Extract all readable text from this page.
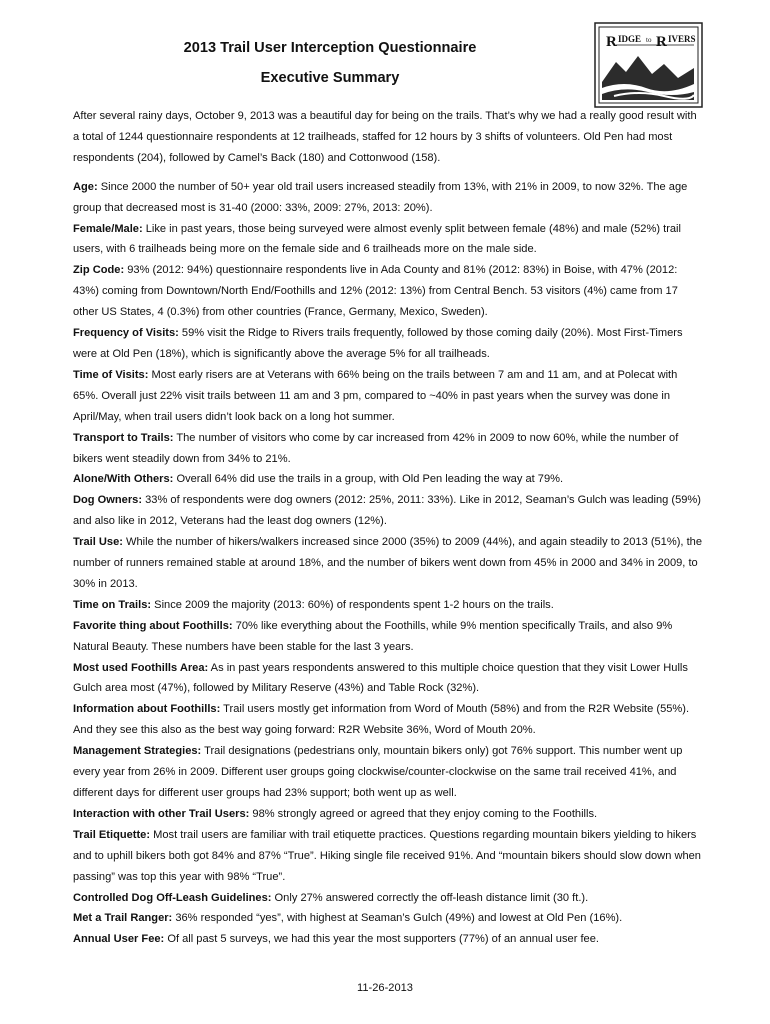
R IDGE to R IVERS

2013 Trail User Interception Questionnaire

Executive Summary

After several rainy days, October 9, 2013 was a beautiful day for being on the trails. That’s why we had a really good result with a total of 1244 questionnaire respondents at 12 trailheads, staffed for 12 hours by 3 shifts of volunteers. Old Pen had most respondents (204), followed by Camel’s Back (180) and Cottonwood (158).

Age: Since 2000 the number of 50+ year old trail users increased steadily from 13%, with 21% in 2009, to now 32%. The age group that decreased most is 31-40 (2000: 33%, 2009: 27%, 2013: 20%).

Female/Male: Like in past years, those being surveyed were almost evenly split between female (48%) and male (52%) trail users, with 6 trailheads being more on the female side and 6 trailheads more on the male side.

Zip Code: 93% (2012: 94%) questionnaire respondents live in Ada County and 81% (2012: 83%) in Boise, with 47% (2012: 43%) coming from Downtown/North End/Foothills and 12% (2012: 13%) from Central Bench. 53 visitors (4%) came from 17 other US States, 4 (0.3%) from other countries (France, Germany, Mexico, Sweden).

Frequency of Visits: 59% visit the Ridge to Rivers trails frequently, followed by those coming daily (20%). Most First-Timers were at Old Pen (18%), which is significantly above the average 5% for all trailheads.

Time of Visits: Most early risers are at Veterans with 66% being on the trails between 7 am and 11 am, and at Polecat with 65%. Overall just 22% visit trails between 11 am and 3 pm, compared to ~40% in past years when the survey was done in April/May, when trail users didn’t look back on a long hot summer.

Transport to Trails: The number of visitors who come by car increased from 42% in 2009 to now 60%, while the number of bikers went steadily down from 34% to 21%.

Alone/With Others: Overall 64% did use the trails in a group, with Old Pen leading the way at 79%.

Dog Owners: 33% of respondents were dog owners (2012: 25%, 2011: 33%). Like in 2012, Seaman’s Gulch was leading (59%) and also like in 2012, Veterans had the least dog owners (12%).

Trail Use: While the number of hikers/walkers increased since 2000 (35%) to 2009 (44%), and again steadily to 2013 (51%), the number of runners remained stable at around 18%, and the number of bikers went down from 45% in 2000 and 34% in 2009, to 30% in 2013.

Time on Trails: Since 2009 the majority (2013: 60%) of respondents spent 1-2 hours on the trails.

Favorite thing about Foothills: 70% like everything about the Foothills, while 9% mention specifically Trails, and also 9% Natural Beauty. These numbers have been stable for the last 3 years.

Most used Foothills Area: As in past years respondents answered to this multiple choice question that they visit Lower Hulls Gulch area most (47%), followed by Military Reserve (43%) and Table Rock (32%).

Information about Foothills: Trail users mostly get information from Word of Mouth (58%) and from the R2R Website (55%). And they see this also as the best way going forward: R2R Website 36%, Word of Mouth 20%.

Management Strategies: Trail designations (pedestrians only, mountain bikers only) got 76% support. This number went up every year from 26% in 2009. Different user groups going clockwise/counter-clockwise on the same trail received 41%, and different days for different user groups had 23% support; both went up as well.

Interaction with other Trail Users: 98% strongly agreed or agreed that they enjoy coming to the Foothills.

Trail Etiquette: Most trail users are familiar with trail etiquette practices. Questions regarding mountain bikers yielding to hikers and to uphill bikers both got 84% and 87% “True”. Hiking single file received 91%. And “mountain bikers should slow down when passing” was top this year with 98% “True”.

Controlled Dog Off-Leash Guidelines: Only 27% answered correctly the off-leash distance limit (30 ft.).

Met a Trail Ranger: 36% responded “yes”, with highest at Seaman’s Gulch (49%) and lowest at Old Pen (16%).

Annual User Fee: Of all past 5 surveys, we had this year the most supporters (77%) of an annual user fee.

11-26-2013
